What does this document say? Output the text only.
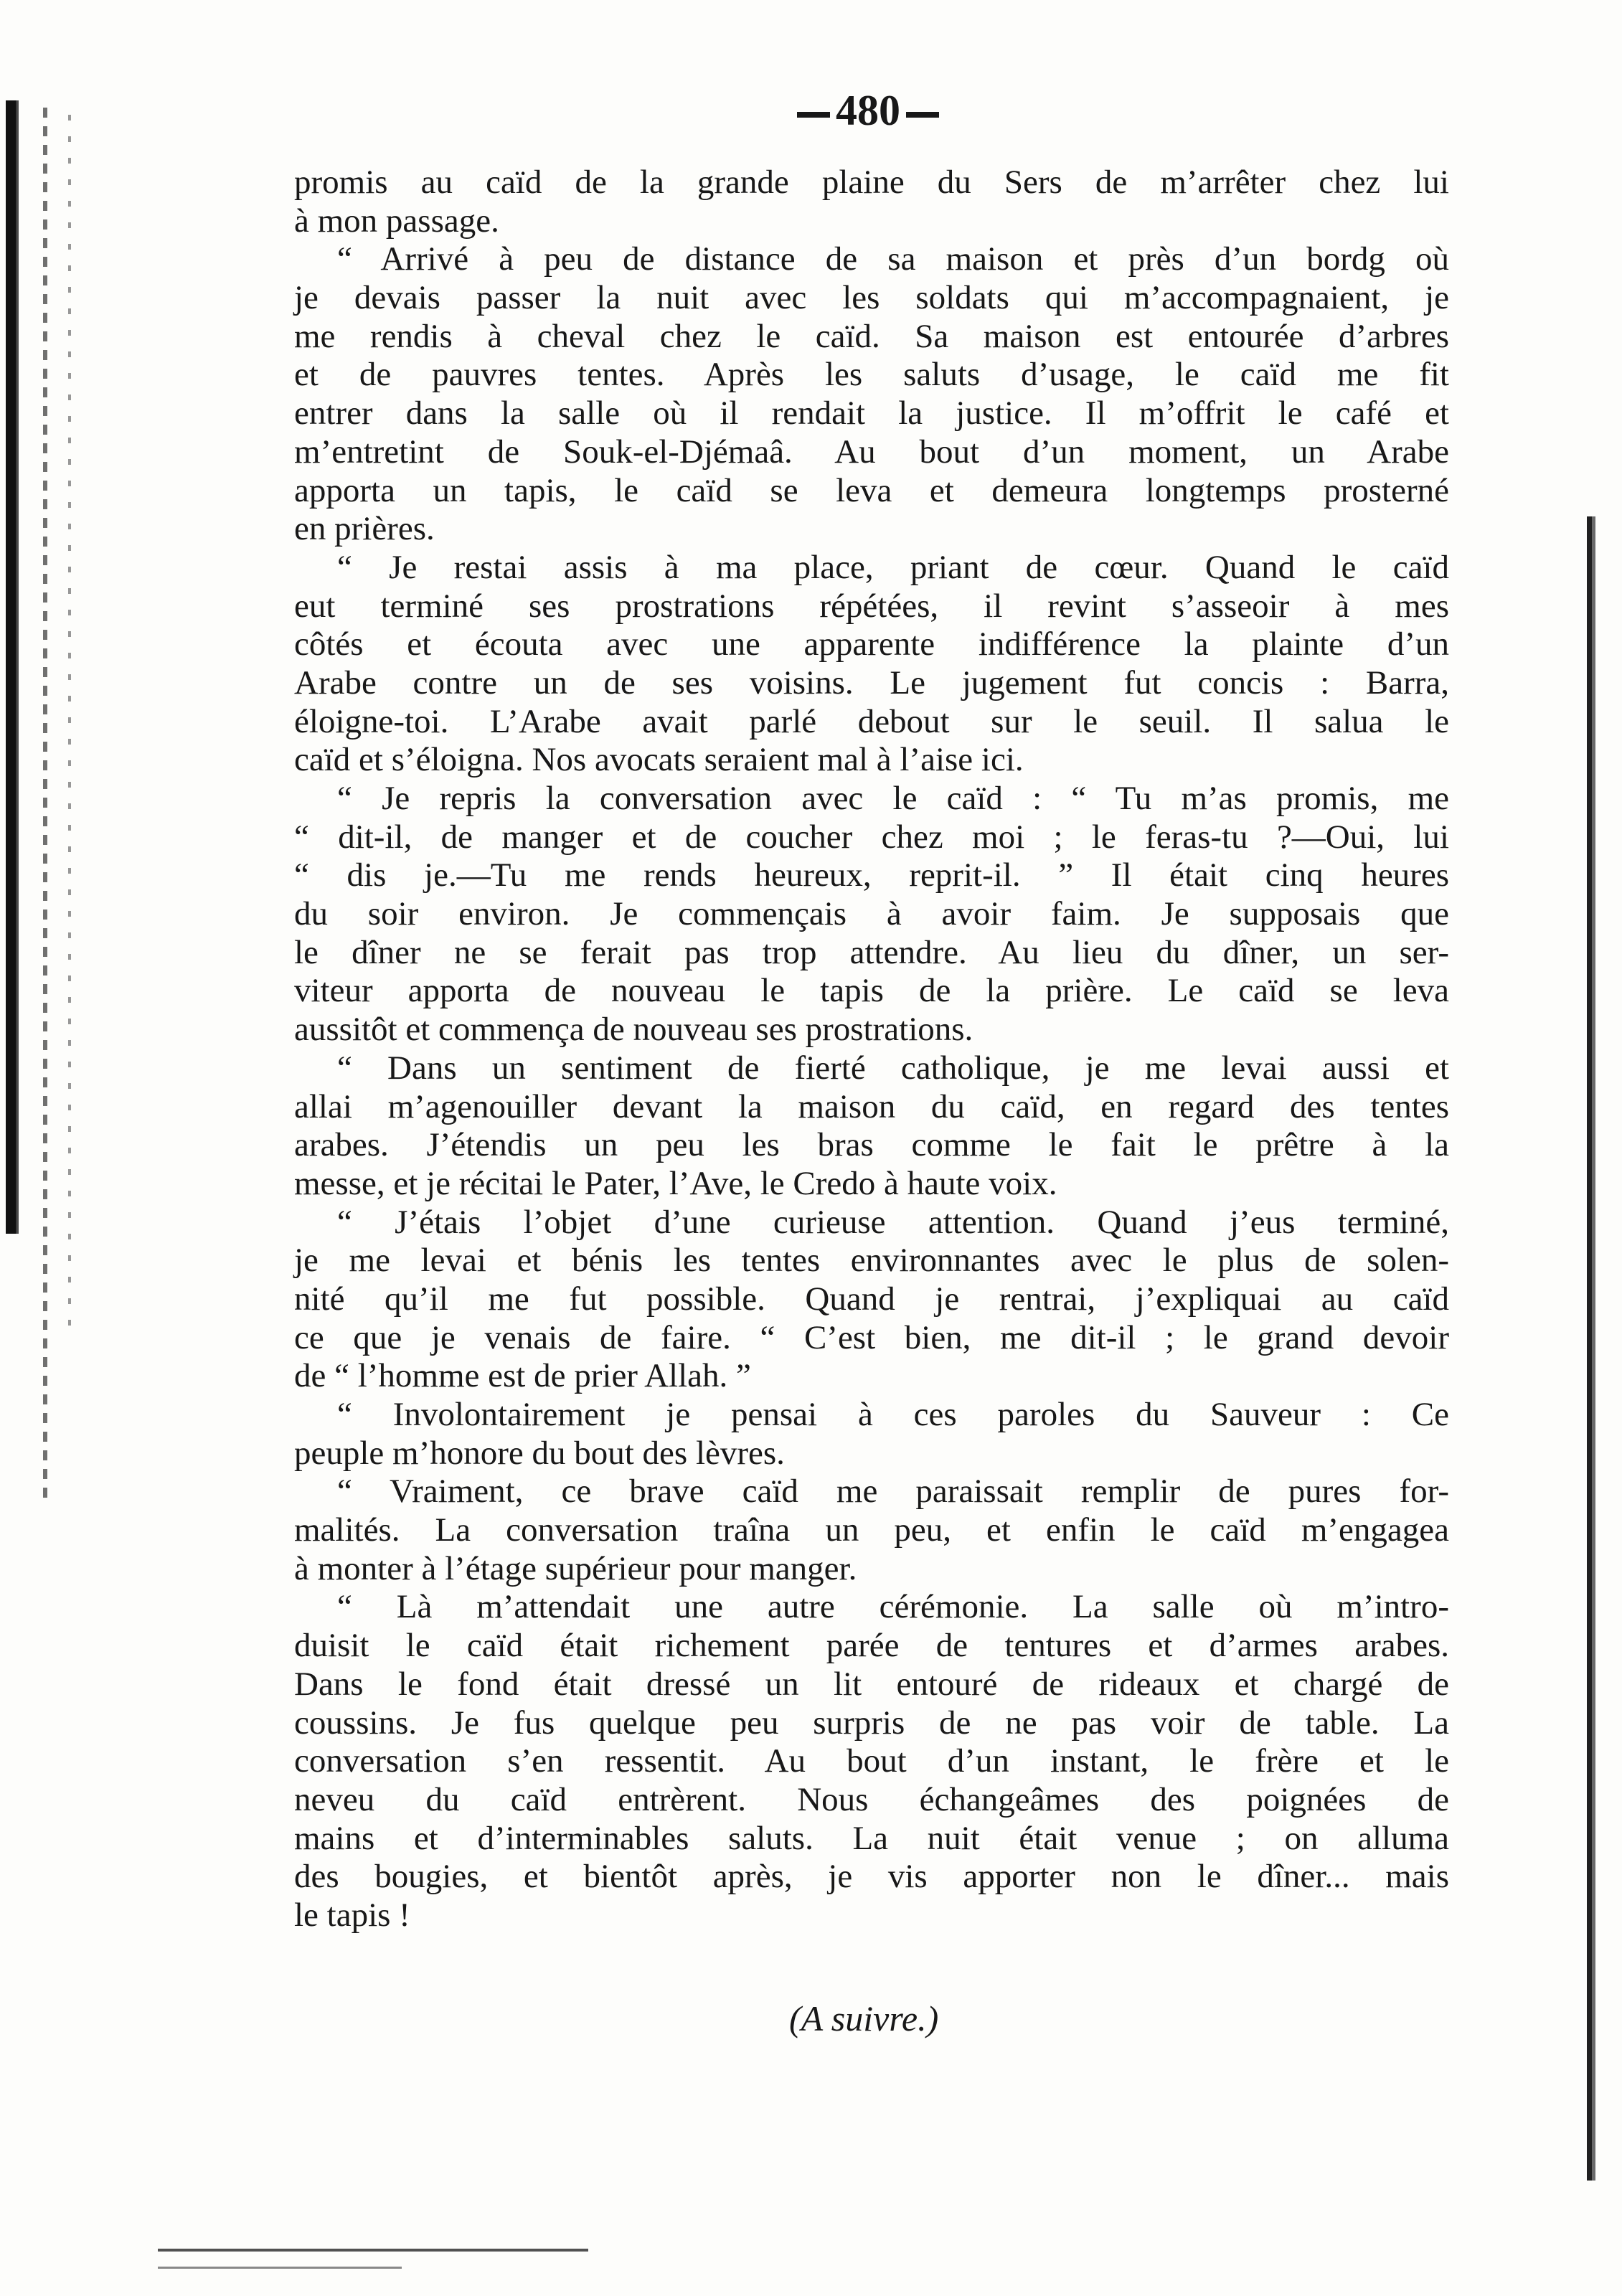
480
promis au caïd de la grande plaine du Sers de m’arrêter chez lui
à mon passage.
“ Arrivé à peu de distance de sa maison et près d’un bordg où
je devais passer la nuit avec les soldats qui m’accompagnaient, je
me rendis à cheval chez le caïd. Sa maison est entourée d’arbres
et de pauvres tentes. Après les saluts d’usage, le caïd me fit
entrer dans la salle où il rendait la justice. Il m’offrit le café et
m’entretint de Souk-el-Djémaâ. Au bout d’un moment, un Arabe
apporta un tapis, le caïd se leva et demeura longtemps prosterné
en prières.
“ Je restai assis à ma place, priant de cœur. Quand le caïd
eut terminé ses prostrations répétées, il revint s’asseoir à mes
côtés et écouta avec une apparente indifférence la plainte d’un
Arabe contre un de ses voisins. Le jugement fut concis : Barra,
éloigne-toi. L’Arabe avait parlé debout sur le seuil. Il salua le
caïd et s’éloigna. Nos avocats seraient mal à l’aise ici.
“ Je repris la conversation avec le caïd : “ Tu m’as promis, me
“ dit-il, de manger et de coucher chez moi ; le feras-tu ?—Oui, lui
“ dis je.—Tu me rends heureux, reprit-il. ” Il était cinq heures
du soir environ. Je commençais à avoir faim. Je supposais que
le dîner ne se ferait pas trop attendre. Au lieu du dîner, un ser-
viteur apporta de nouveau le tapis de la prière. Le caïd se leva
aussitôt et commença de nouveau ses prostrations.
“ Dans un sentiment de fierté catholique, je me levai aussi et
allai m’agenouiller devant la maison du caïd, en regard des tentes
arabes. J’étendis un peu les bras comme le fait le prêtre à la
messe, et je récitai le Pater, l’Ave, le Credo à haute voix.
“ J’étais l’objet d’une curieuse attention. Quand j’eus terminé,
je me levai et bénis les tentes environnantes avec le plus de solen-
nité qu’il me fut possible. Quand je rentrai, j’expliquai au caïd
ce que je venais de faire. “ C’est bien, me dit-il ; le grand devoir
de “ l’homme est de prier Allah. ”
“ Involontairement je pensai à ces paroles du Sauveur : Ce
peuple m’honore du bout des lèvres.
“ Vraiment, ce brave caïd me paraissait remplir de pures for-
malités. La conversation traîna un peu, et enfin le caïd m’engagea
à monter à l’étage supérieur pour manger.
“ Là m’attendait une autre cérémonie. La salle où m’intro-
duisit le caïd était richement parée de tentures et d’armes arabes.
Dans le fond était dressé un lit entouré de rideaux et chargé de
coussins. Je fus quelque peu surpris de ne pas voir de table. La
conversation s’en ressentit. Au bout d’un instant, le frère et le
neveu du caïd entrèrent. Nous échangeâmes des poignées de
mains et d’interminables saluts. La nuit était venue ; on alluma
des bougies, et bientôt après, je vis apporter non le dîner... mais
le tapis !
(A suivre.)
